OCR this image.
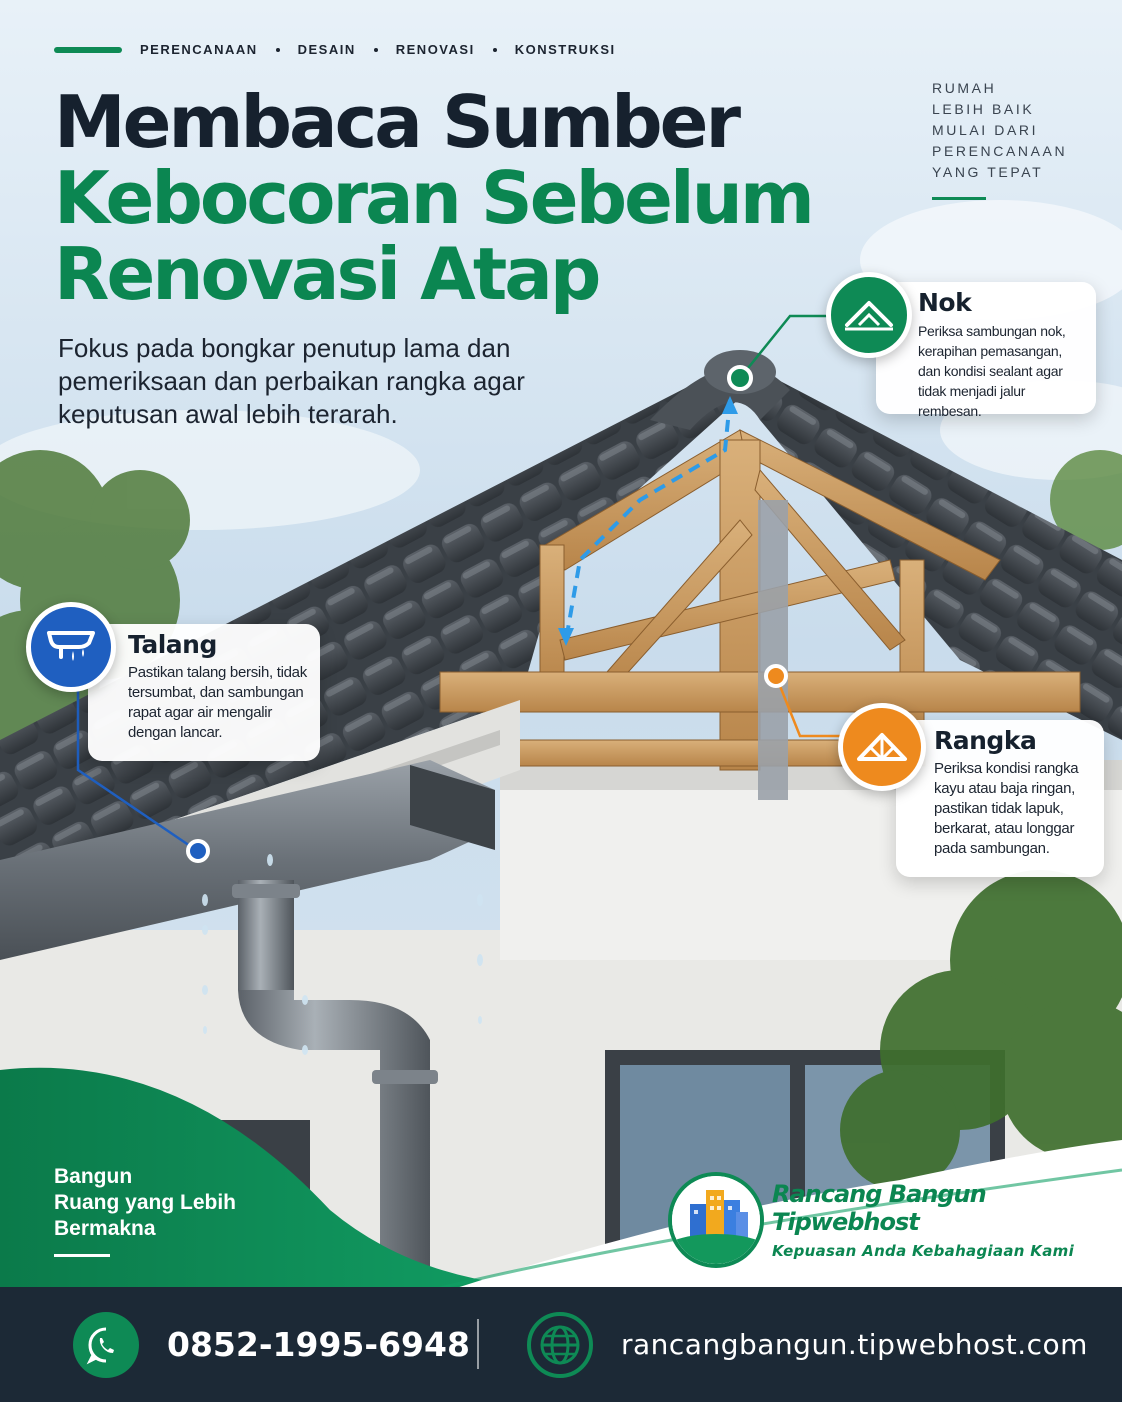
PERENCANAAN	DESAIN	RENOVASI	KONSTRUKSI
Membaca Sumber
Kebocoran Sebelum
Renovasi Atap

Fokus pada bongkar penutup lama dan pemeriksaan dan perbaikan rangka agar keputusan awal lebih terarah.

RUMAH
LEBIH BAIK
MULAI DARI
PERENCANAAN
YANG TEPAT
Nok
Periksa sambungan nok, kerapihan pemasangan, dan kondisi sealant agar tidak menjadi jalur rembesan.
Talang
Pastikan talang bersih, tidak tersumbat, dan sambungan rapat agar air mengalir dengan lancar.	Rangka
Periksa kondisi rangka kayu atau baja ringan, pastikan tidak lapuk, berkarat, atau longgar pada sambungan.
Bangun
Ruang yang Lebih
Bermakna
Rancang Bangun Tipwebhost
Kepuasan Anda Kebahagiaan Kami
0852-1995-6948	rancangbangun.tipwebhost.com
